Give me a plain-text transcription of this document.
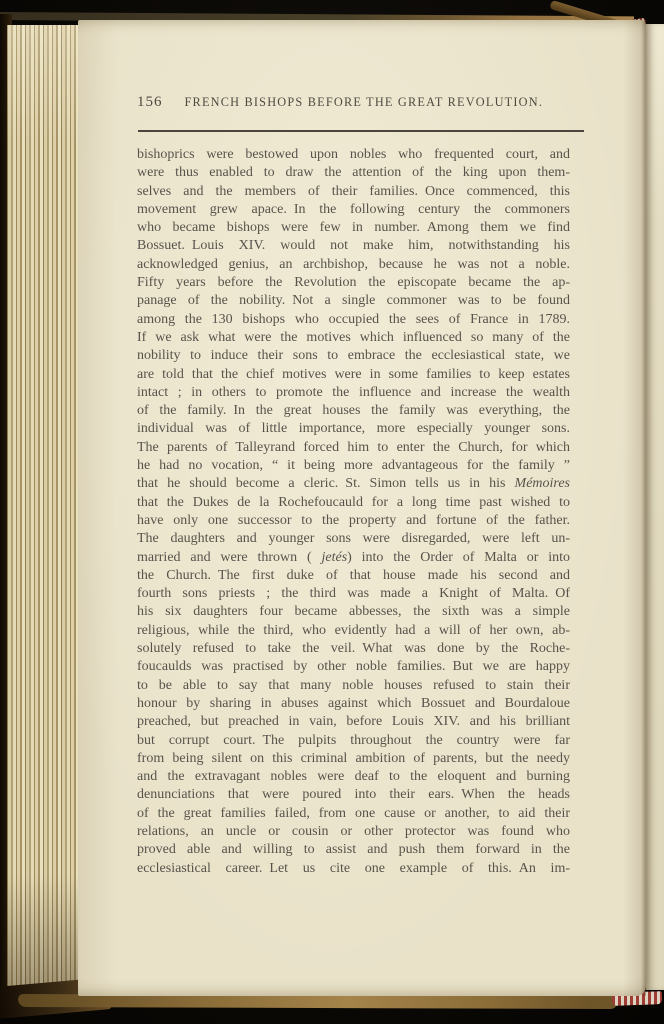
156 FRENCH BISHOPS BEFORE THE GREAT REVOLUTION.
bishoprics were bestowed upon nobles who frequented court, and
were thus enabled to draw the attention of the king upon them-
selves and the members of their families. Once commenced, this
movement grew apace. In the following century the commoners
who became bishops were few in number. Among them we find
Bossuet. Louis XIV. would not make him, notwithstanding his
acknowledged genius, an archbishop, because he was not a noble.
Fifty years before the Revolution the episcopate became the ap-
panage of the nobility. Not a single commoner was to be found
among the 130 bishops who occupied the sees of France in 1789.
If we ask what were the motives which influenced so many of the
nobility to induce their sons to embrace the ecclesiastical state, we
are told that the chief motives were in some families to keep estates
intact ; in others to promote the influence and increase the wealth
of the family. In the great houses the family was everything, the
individual was of little importance, more especially younger sons.
The parents of Talleyrand forced him to enter the Church, for which
he had no vocation, “ it being more advantageous for the family ”
that he should become a cleric. St. Simon tells us in his Mémoires
that the Dukes de la Rochefoucauld for a long time past wished to
have only one successor to the property and fortune of the father.
The daughters and younger sons were disregarded, were left un-
married and were thrown ( jetés) into the Order of Malta or into
the Church. The first duke of that house made his second and
fourth sons priests ; the third was made a Knight of Malta. Of
his six daughters four became abbesses, the sixth was a simple
religious, while the third, who evidently had a will of her own, ab-
solutely refused to take the veil. What was done by the Roche-
foucaulds was practised by other noble families. But we are happy
to be able to say that many noble houses refused to stain their
honour by sharing in abuses against which Bossuet and Bourdaloue
preached, but preached in vain, before Louis XIV. and his brilliant
but corrupt court. The pulpits throughout the country were far
from being silent on this criminal ambition of parents, but the needy
and the extravagant nobles were deaf to the eloquent and burning
denunciations that were poured into their ears. When the heads
of the great families failed, from one cause or another, to aid their
relations, an uncle or cousin or other protector was found who
proved able and willing to assist and push them forward in the
ecclesiastical career. Let us cite one example of this. An im-
